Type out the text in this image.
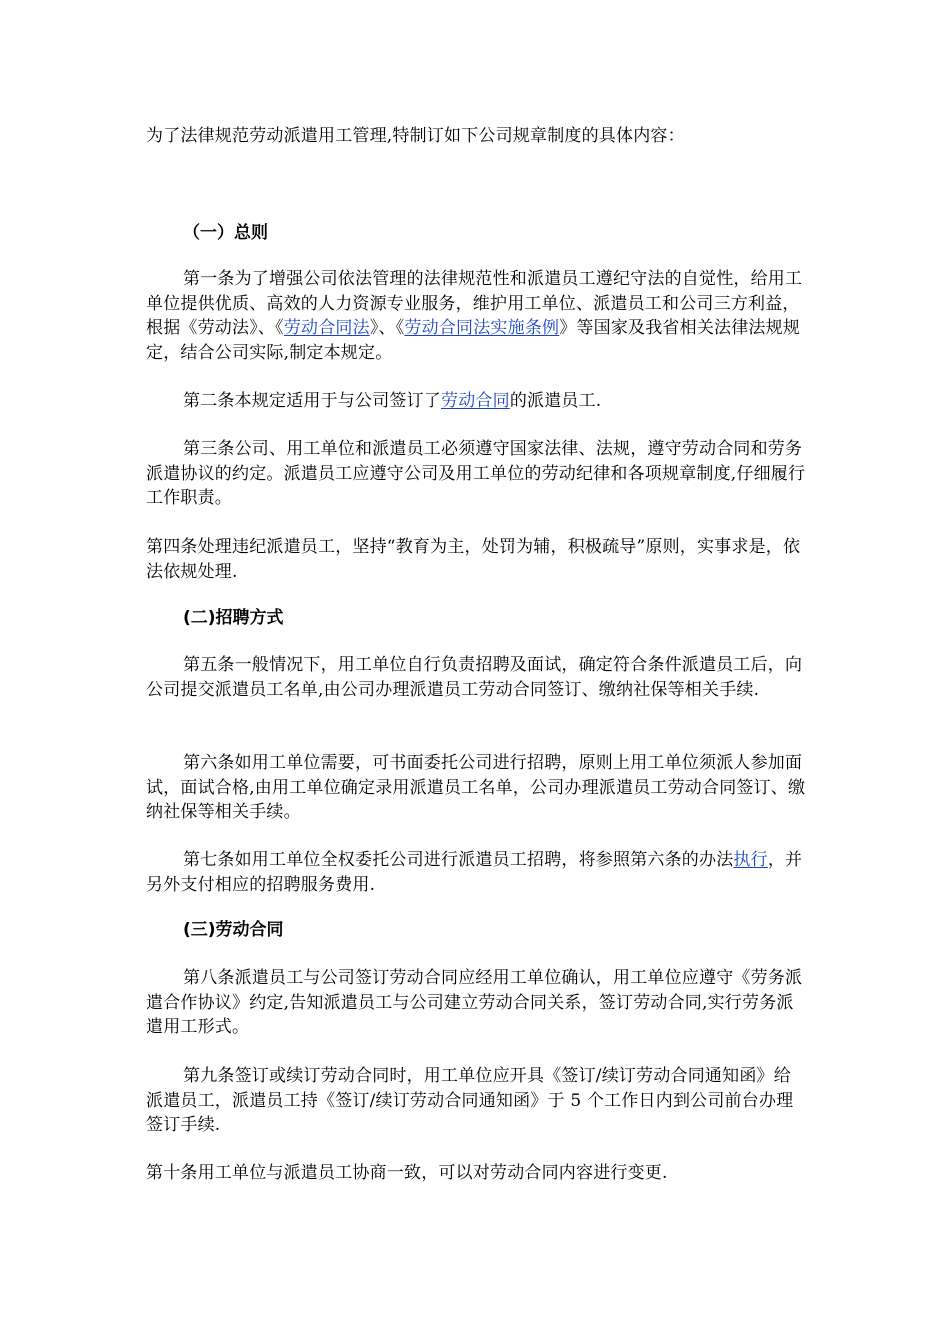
为了法律规范劳动派遣用工管理,特制订如下公司规章制度的具体内容：

（一）总则

第一条为了增强公司依法管理的法律规范性和派遣员工遵纪守法的自觉性，给用工单位提供优质、高效的人力资源专业服务，维护用工单位、派遣员工和公司三方利益，根据《劳动法》、《劳动合同法》、《劳动合同法实施条例》等国家及我省相关法律法规规定，结合公司实际,制定本规定。

第二条本规定适用于与公司签订了劳动合同的派遣员工.

第三条公司、用工单位和派遣员工必须遵守国家法律、法规，遵守劳动合同和劳务派遣协议的约定。派遣员工应遵守公司及用工单位的劳动纪律和各项规章制度,仔细履行工作职责。

第四条处理违纪派遣员工，坚持“教育为主，处罚为辅，积极疏导”原则，实事求是，依法依规处理.

(二)招聘方式

第五条一般情况下，用工单位自行负责招聘及面试，确定符合条件派遣员工后，向公司提交派遣员工名单,由公司办理派遣员工劳动合同签订、缴纳社保等相关手续.

第六条如用工单位需要，可书面委托公司进行招聘，原则上用工单位须派人参加面试，面试合格,由用工单位确定录用派遣员工名单，公司办理派遣员工劳动合同签订、缴纳社保等相关手续。

第七条如用工单位全权委托公司进行派遣员工招聘，将参照第六条的办法执行，并另外支付相应的招聘服务费用.

(三)劳动合同

第八条派遣员工与公司签订劳动合同应经用工单位确认，用工单位应遵守《劳务派遣合作协议》约定,告知派遣员工与公司建立劳动合同关系，签订劳动合同,实行劳务派遣用工形式。

第九条签订或续订劳动合同时，用工单位应开具《签订/续订劳动合同通知函》给派遣员工，派遣员工持《签订/续订劳动合同通知函》于 5 个工作日内到公司前台办理签订手续.

第十条用工单位与派遣员工协商一致，可以对劳动合同内容进行变更.
